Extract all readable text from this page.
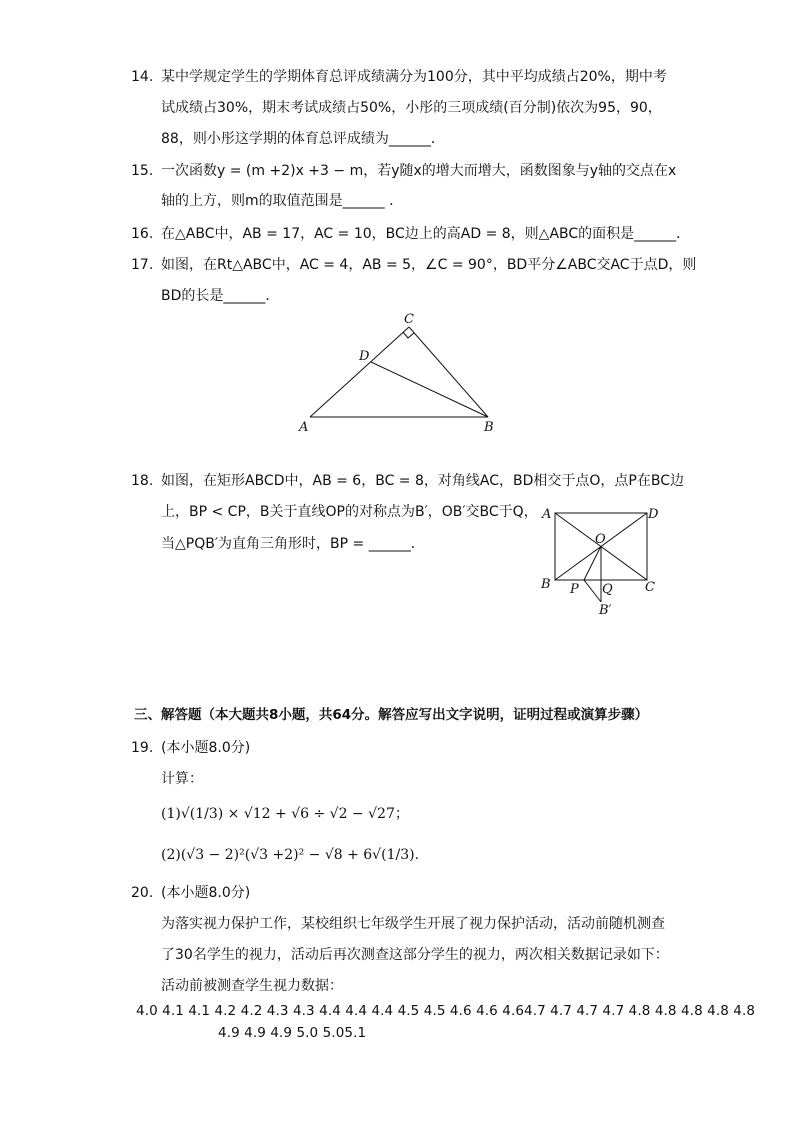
14. 某中学规定学生的学期体育总评成绩满分为100分，其中平均成绩占20%，期中考
试成绩占30%，期末考试成绩占50%，小彤的三项成绩(百分制)依次为95，90，
88，则小彤这学期的体育总评成绩为______．
15. 一次函数y = (m +2)x +3 − m，若y随x的增大而增大，函数图象与y轴的交点在x
轴的上方，则m的取值范围是______ ．
16. 在△ABC中，AB = 17，AC = 10，BC边上的高AD = 8，则△ABC的面积是______．
17. 如图，在Rt△ABC中，AC = 4，AB = 5，∠C = 90°，BD平分∠ABC交AC于点D，则
BD的长是______．
C
D
A	B
18. 如图，在矩形ABCD中，AB = 6，BC = 8，对角线AC，BD相交于点O，点P在BC边
上，BP < CP，B关于直线OP的对称点为B′，OB′交BC于Q，
当△PQB′为直角三角形时，BP = ______．
A	D
O
B P Q C
B′
三、解答题（本大题共8小题，共64分。解答应写出文字说明，证明过程或演算步骤）
19. (本小题8.0分)
计算：
(1)√(1/3) × √12 + √6 ÷ √2 − √27；
(2)(√3 − 2)²(√3 +2)² − √8 + 6√(1/3).
20. (本小题8.0分)
为落实视力保护工作，某校组织七年级学生开展了视力保护活动，活动前随机测查
了30名学生的视力，活动后再次测查这部分学生的视力，两次相关数据记录如下：
活动前被测查学生视力数据：
4.0 4.1 4.1 4.2 4.2 4.3 4.3 4.4 4.4 4.4 4.5 4.5 4.6 4.6 4.64.7 4.7 4.7 4.7 4.8 4.8 4.8 4.8 4.8
4.9 4.9 4.9 5.0 5.05.1
